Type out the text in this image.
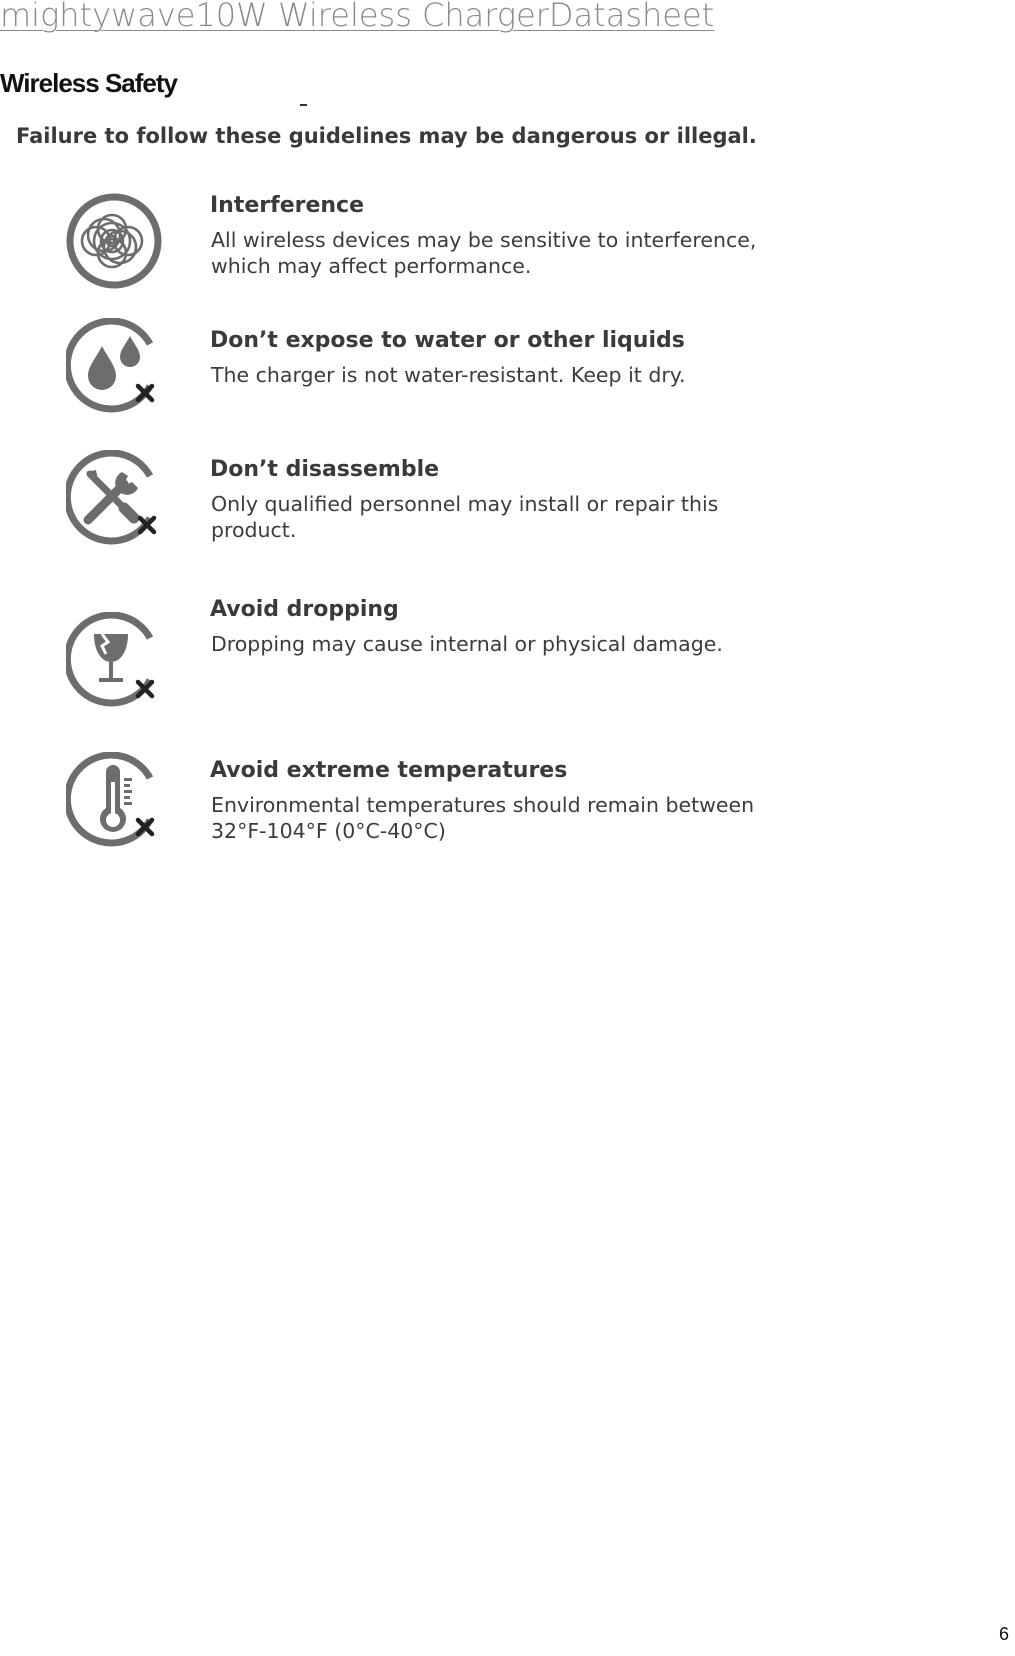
mightywave10W Wireless ChargerDatasheet
Wireless Safety
Failure to follow these guidelines may be dangerous or illegal.
Interference
All wireless devices may be sensitive to interference, which may affect performance.
Don’t expose to water or other liquids
The charger is not water-resistant. Keep it dry.
Don’t disassemble
Only qualified personnel may install or repair this product.
Avoid dropping
Dropping may cause internal or physical damage.
Avoid extreme temperatures
Environmental temperatures should remain between 32°F-104°F (0°C-40°C)
6
